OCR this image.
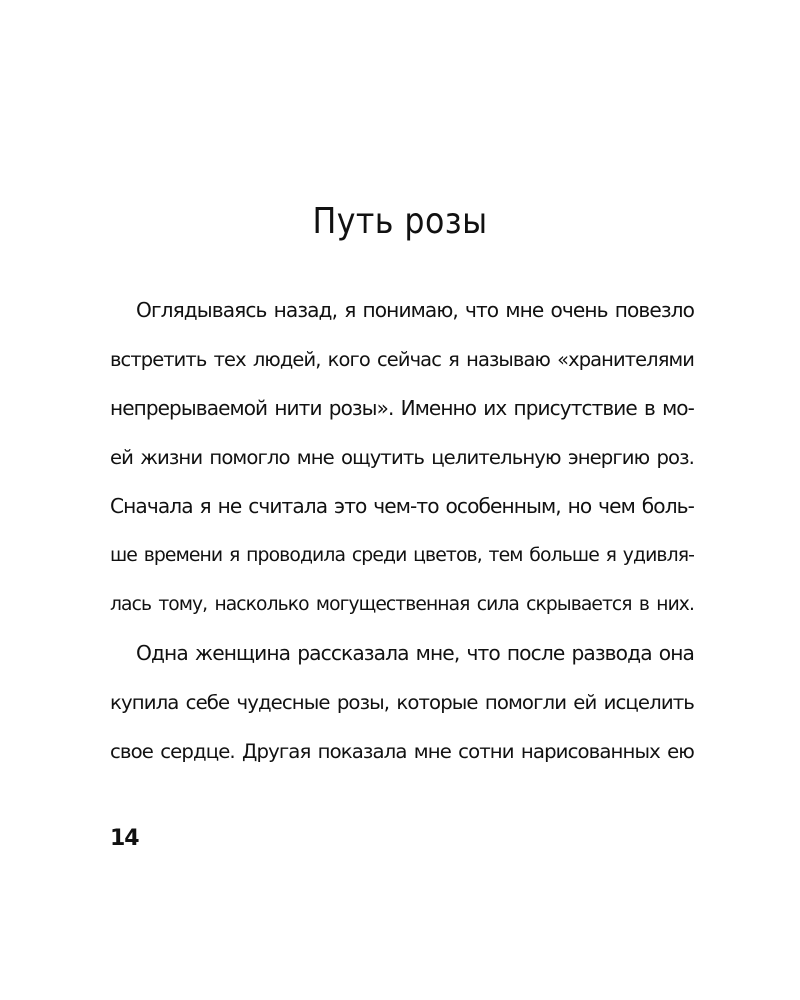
Путь розы
Оглядываясь назад, я понимаю, что мне очень повезло
встретить тех людей, кого сейчас я называю «хранителями
непрерываемой нити розы». Именно их присутствие в мо-
ей жизни помогло мне ощутить целительную энергию роз.
Сначала я не считала это чем-то особенным, но чем боль-
ше времени я проводила среди цветов, тем больше я удивля-
лась тому, насколько могущественная сила скрывается в них.
Одна женщина рассказала мне, что после развода она
купила себе чудесные розы, которые помогли ей исцелить
свое сердце. Другая показала мне сотни нарисованных ею
14
